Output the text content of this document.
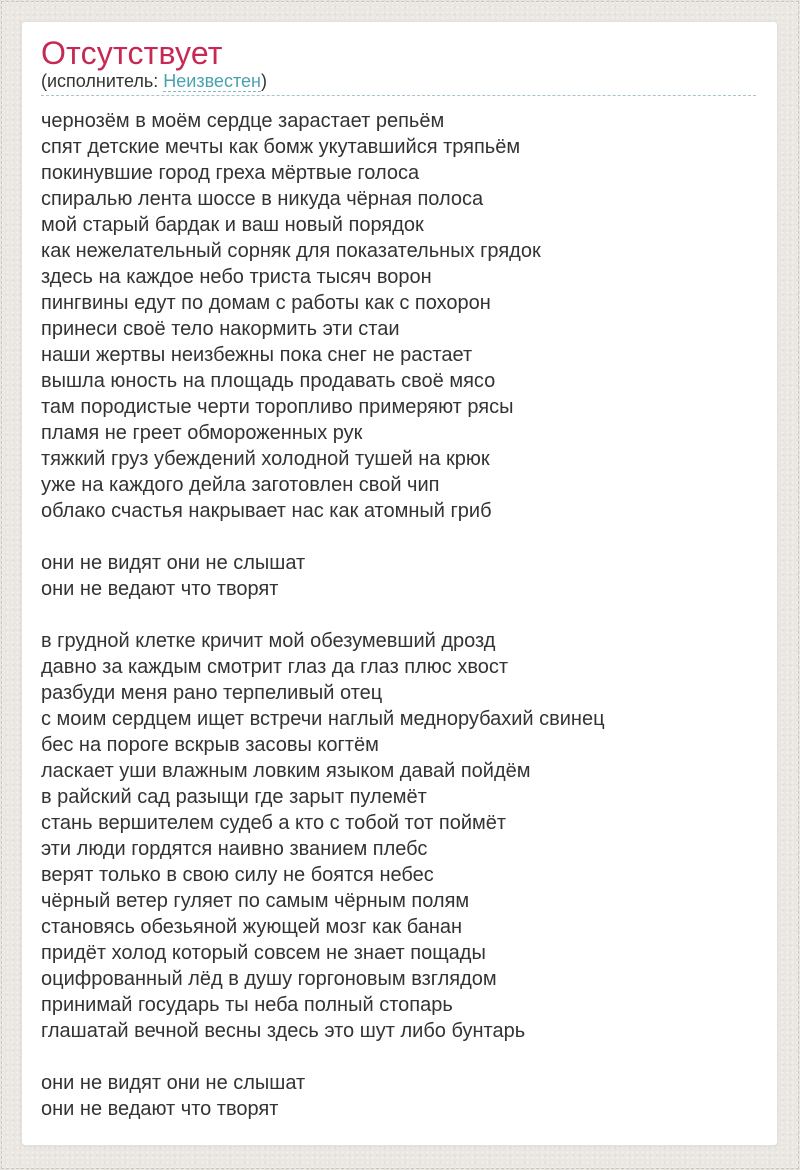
Отсутствует
(исполнитель: Неизвестен)
чернозём в моём сердце зарастает репьём
спят детские мечты как бомж укутавшийся тряпьём
покинувшие город греха мёртвые голоса
спиралью лента шоссе в никуда чёрная полоса
мой старый бардак и ваш новый порядок
как нежелательный сорняк для показательных грядок
здесь на каждое небо триста тысяч ворон
пингвины едут по домам с работы как с похорон
принеси своё тело накормить эти стаи
наши жертвы неизбежны пока снег не растает
вышла юность на площадь продавать своё мясо
там породистые черти торопливо примеряют рясы
пламя не греет обмороженных рук
тяжкий груз убеждений холодной тушей на крюк
уже на каждого дейла заготовлен свой чип
облако счастья накрывает нас как атомный гриб
они не видят они не слышат
они не ведают что творят
в грудной клетке кричит мой обезумевший дрозд
давно за каждым смотрит глаз да глаз плюс хвост
разбуди меня рано терпеливый отец
с моим сердцем ищет встречи наглый меднорубахий свинец
бес на пороге вскрыв засовы когтём
ласкает уши влажным ловким языком давай пойдём
в райский сад разыщи где зарыт пулемёт
стань вершителем судеб а кто с тобой тот поймёт
эти люди гордятся наивно званием плебс
верят только в свою силу не боятся небес
чёрный ветер гуляет по самым чёрным полям
становясь обезьяной жующей мозг как банан
придёт холод который совсем не знает пощады
оцифрованный лёд в душу горгоновым взглядом
принимай государь ты неба полный стопарь
глашатай вечной весны здесь это шут либо бунтарь
они не видят они не слышат
они не ведают что творят
